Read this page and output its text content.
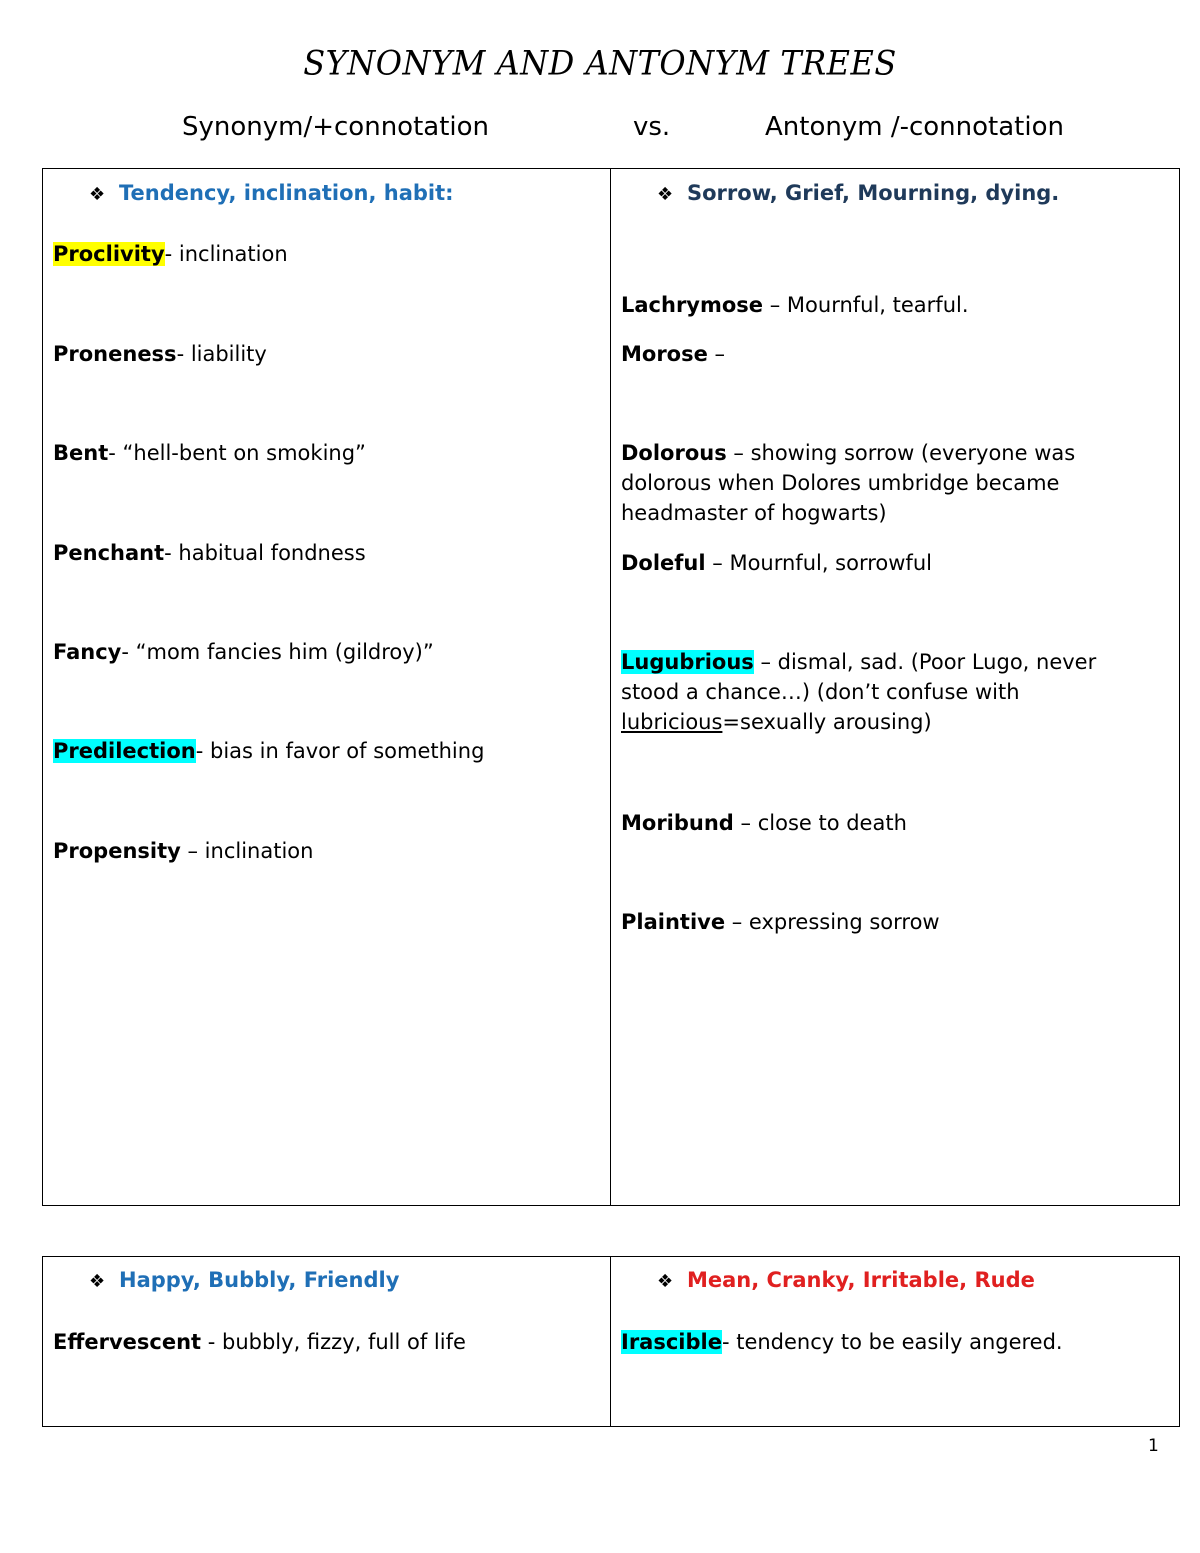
SYNONYM AND ANTONYM TREES
Synonym/+connotation	vs.	Antonym /-connotation
❖ Tendency, inclination, habit:
Proclivity- inclination
Proneness- liability
Bent- “hell-bent on smoking”
Penchant- habitual fondness
Fancy- “mom fancies him (gildroy)”
Predilection- bias in favor of something
Propensity – inclination

❖ Sorrow, Grief, Mourning, dying.
Lachrymose – Mournful, tearful.
Morose –
Dolorous – showing sorrow (everyone was dolorous when Dolores umbridge became headmaster of hogwarts)
Doleful – Mournful, sorrowful
Lugubrious – dismal, sad. (Poor Lugo, never stood a chance…) (don’t confuse with lubricious=sexually arousing)
Moribund – close to death
Plaintive – expressing sorrow
❖ Happy, Bubbly, Friendly
Effervescent - bubbly, fizzy, full of life

❖ Mean, Cranky, Irritable, Rude
Irascible- tendency to be easily angered.
1
